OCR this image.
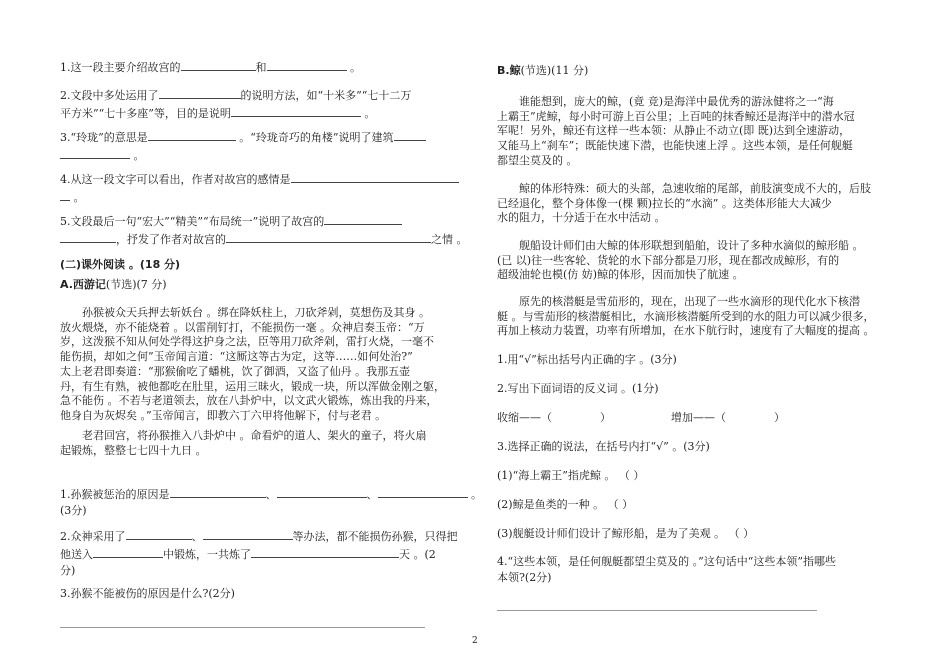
1.这一段主要介绍故宫的	和	。
2.文段中多处运用了	的说明方法，如“十米多”“七十二万
平方米”“七十多座”等，目的是说明	。
3.“玲珑”的意思是	。“玲珑奇巧的角楼”说明了建筑
。
4.从这一段文字可以看出，作者对故宫的感情是
。
5.文段最后一句“宏大”“精美”“布局统一”说明了故宫的
，抒发了作者对故宫的	之情 。
(二)课外阅读 。(18 分)
A.西游记(节选)(7 分)
孙猴被众天兵押去斩妖台 。绑在降妖柱上，刀砍斧剁，莫想伤及其身 。
放火煨烧，亦不能烧着 。以雷削钉打，不能损伤一毫 。众神启奏玉帝：“万
岁，这泼猴不知从何处学得这护身之法，臣等用刀砍斧剁，雷打火烧，一毫不
能伤损，却如之何”玉帝闻言道：“这厮这等古为定，这等……如何处治?”
太上老君即奏道：“那猴偷吃了蟠桃，饮了御酒，又盗了仙丹 。我那五壶
丹，有生有熟，被他都吃在肚里，运用三昧火，锻成一块，所以浑做金刚之躯，
急不能伤 。不若与老道领去，放在八卦炉中，以文武火锻炼，炼出我的丹来，
他身自为灰烬矣 。”玉帝闻言，即教六丁六甲将他解下，付与老君 。
老君回宫，将孙猴推入八卦炉中 。命看炉的道人、架火的童子，将火扇
起锻炼，整整七七四十九日 。
1.孙猴被惩治的原因是	、	、	。
(3分)
2.众神采用了	、	等办法，都不能损伤孙猴，只得把
他送入	中锻炼，一共炼了	天 。(2
分)
3.孙猴不能被伤的原因是什么?(2分)
B.鲸(节选)(11 分)
谁能想到，庞大的鲸，(竟 竞)是海洋中最优秀的游泳健将之一“海
上霸王”虎鲸，每小时可游上百公里；上百吨的抹香鲸还是海洋中的潜水冠
军呢！另外，鲸还有这样一些本领：从静止不动立(即 既)达到全速游动，
又能马上“刹车”；既能快速下潜，也能快速上浮 。这些本领，是任何舰艇
都望尘莫及的 。
鲸的体形特殊：硕大的头部，急速收缩的尾部，前肢演变成不大的，后肢
已经退化，整个身体像一(棵 颗)拉长的“水滴” 。这类体形能大大减少
水的阻力，十分适于在水中活动 。
舰船设计师们由大鲸的体形联想到船舶，设计了多种水滴似的鲸形船 。
(已 以)往一些客轮、货轮的水下部分都是刀形，现在都改成鲸形，有的
超级油轮也模(仿 妨)鲸的体形，因而加快了航速 。
原先的核潜艇是雪茄形的，现在，出现了一些水滴形的现代化水下核潜
艇 。与雪茄形的核潜艇相比，水滴形核潜艇所受到的水的阻力可以减少很多，
再加上核动力装置，功率有所增加，在水下航行时，速度有了大幅度的提高 。
1.用“√”标出括号内正确的字 。(3分)
2.写出下面词语的反义词 。(1分)
收缩——（	）	增加——（	）
3.选择正确的说法，在括号内打“√” 。(3分)
(1)“海上霸王”指虎鲸 。 （ ）
(2)鲸是鱼类的一种 。 （ ）
(3)舰艇设计师们设计了鲸形船，是为了美观 。 （ ）
4.“这些本领，是任何舰艇都望尘莫及的 。”这句话中“这些本领”指哪些
本领?(2分)
2
